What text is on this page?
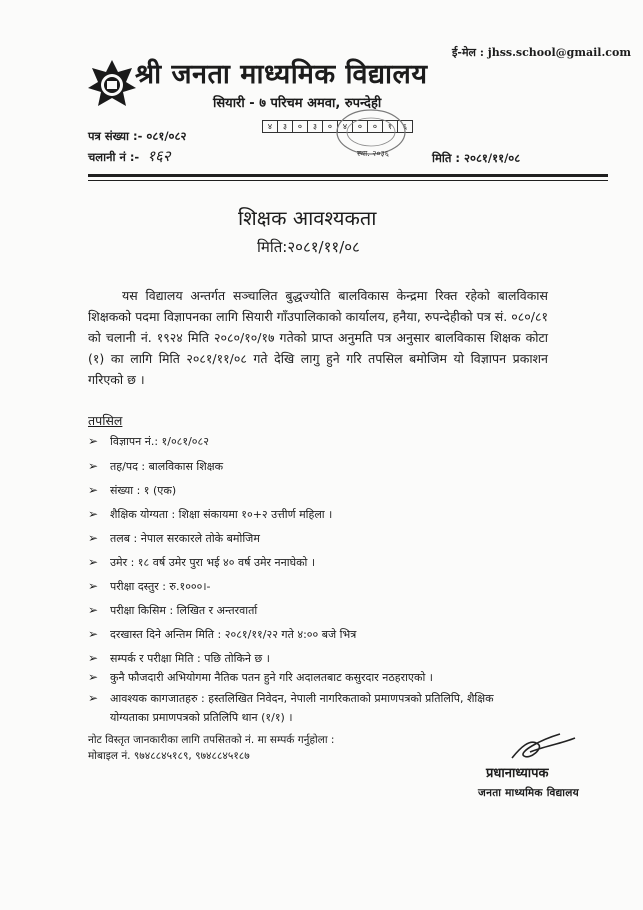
ई-मेल : jhss.school@gmail.com
श्री जनता माध्यमिक विद्यालय
सियारी - ७ परिचम अमवा, रुपन्देही
४	३	०	३	०	४	०	०	१	६
स्था. २०३६
पत्र संख्या :- ०८१/०८२
चलानी नं :- १६२	मिति : २०८१/११/०८
शिक्षक आवश्यकता
मिति:२०८१/११/०८
यस विद्यालय अन्तर्गत सञ्चालित बुद्धज्योति बालविकास केन्द्रमा रिक्त रहेको बालविकास शिक्षकको पदमा विज्ञापनका लागि सियारी गाँउपालिकाको कार्यालय, हनैया, रुपन्देहीको पत्र सं. ०८०/८१ को चलानी नं. १९२४ मिति २०८०/१०/१७ गतेको प्राप्त अनुमति पत्र अनुसार बालविकास शिक्षक कोटा (१) का लागि मिति २०८१/११/०८ गते देखि लागु हुने गरि तपसिल बमोजिम यो विज्ञापन प्रकाशन गरिएको छ ।
तपसिल
➢ विज्ञापन नं.: १/०८१/०८२
➢ तह/पद : बालविकास शिक्षक
➢ संख्या : १ (एक)
➢ शैक्षिक योग्यता : शिक्षा संकायमा १०+२ उत्तीर्ण महिला ।
➢ तलब : नेपाल सरकारले तोके बमोजिम
➢ उमेर : १८ वर्ष उमेर पुरा भई ४० वर्ष उमेर ननाघेको ।
➢ परीक्षा दस्तुर : रु.१०००।-
➢ परीक्षा किसिम : लिखित र अन्तरवार्ता
➢ दरखास्त दिने अन्तिम मिति : २०८१/११/२२ गते ४:०० बजे भित्र
➢ सम्पर्क र परीक्षा मिति : पछि तोकिने छ ।
➢ कुनै फौजदारी अभियोगमा नैतिक पतन हुने गरि अदालतबाट कसुरदार नठहराएको ।
➢ आवश्यक कागजातहरु : हस्तलिखित निवेदन, नेपाली नागरिकताको प्रमाणपत्रको प्रतिलिपि, शैक्षिक
योग्यताका प्रमाणपत्रको प्रतिलिपि थान (१/१) ।
नोट विस्तृत जानकारीका लागि तपसितको नं. मा सम्पर्क गर्नुहोला :
मोबाइल नं. ९७४८८४५१८९, ९७४८८४५१८७
प्रधानाध्यापक
जनता माध्यमिक विद्यालय
